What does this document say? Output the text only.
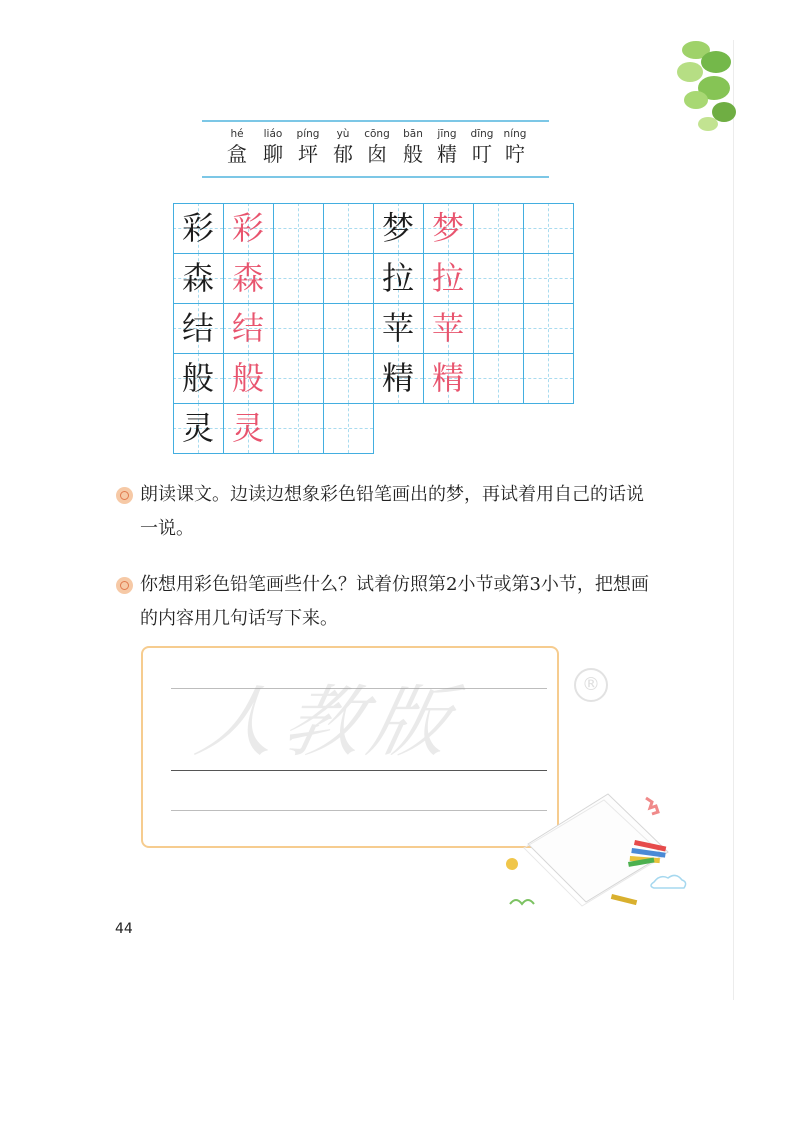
hé
盒
liáo
聊
píng
坪
yù
郁
cōng
囱
bān
般
jīng
精
dīng
叮
níng
咛
彩 彩
森 森
结 结
般 般
灵 灵
梦 梦
拉 拉
苹 苹
精 精
朗读课文。边读边想象彩色铅笔画出的梦，再试着用自己的话说一说。
你想用彩色铅笔画些什么？试着仿照第2小节或第3小节，把想画的内容用几句话写下来。
人教版	®
44
